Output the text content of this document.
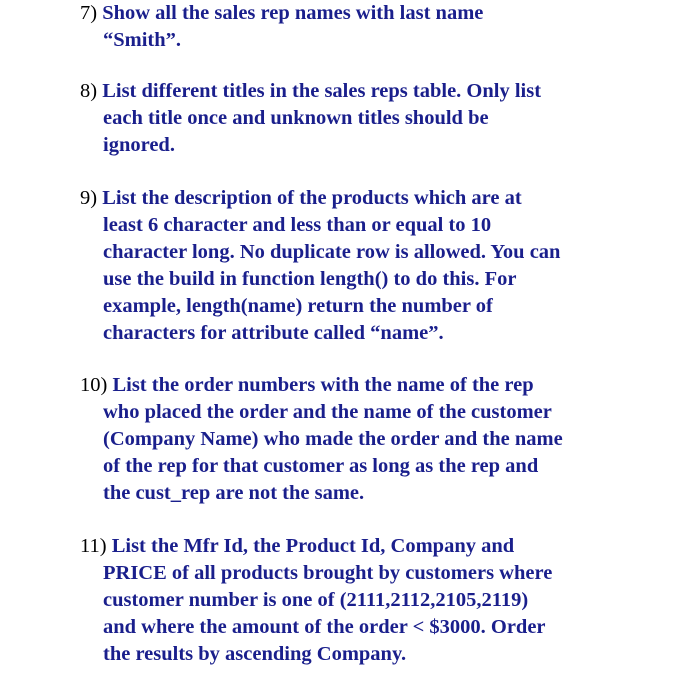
7) Show all the sales rep names with last name
“Smith”.
8) List different titles in the sales reps table. Only list
each title once and unknown titles should be
ignored.
9) List the description of the products which are at
least 6 character and less than or equal to 10
character long. No duplicate row is allowed. You can
use the build in function length() to do this. For
example, length(name) return the number of
characters for attribute called “name”.
10) List the order numbers with the name of the rep
who placed the order and the name of the customer
(Company Name) who made the order and the name
of the rep for that customer as long as the rep and
the cust_rep are not the same.
11) List the Mfr Id, the Product Id, Company and
PRICE of all products brought by customers where
customer number is one of (2111,2112,2105,2119)
and where the amount of the order < $3000. Order
the results by ascending Company.
